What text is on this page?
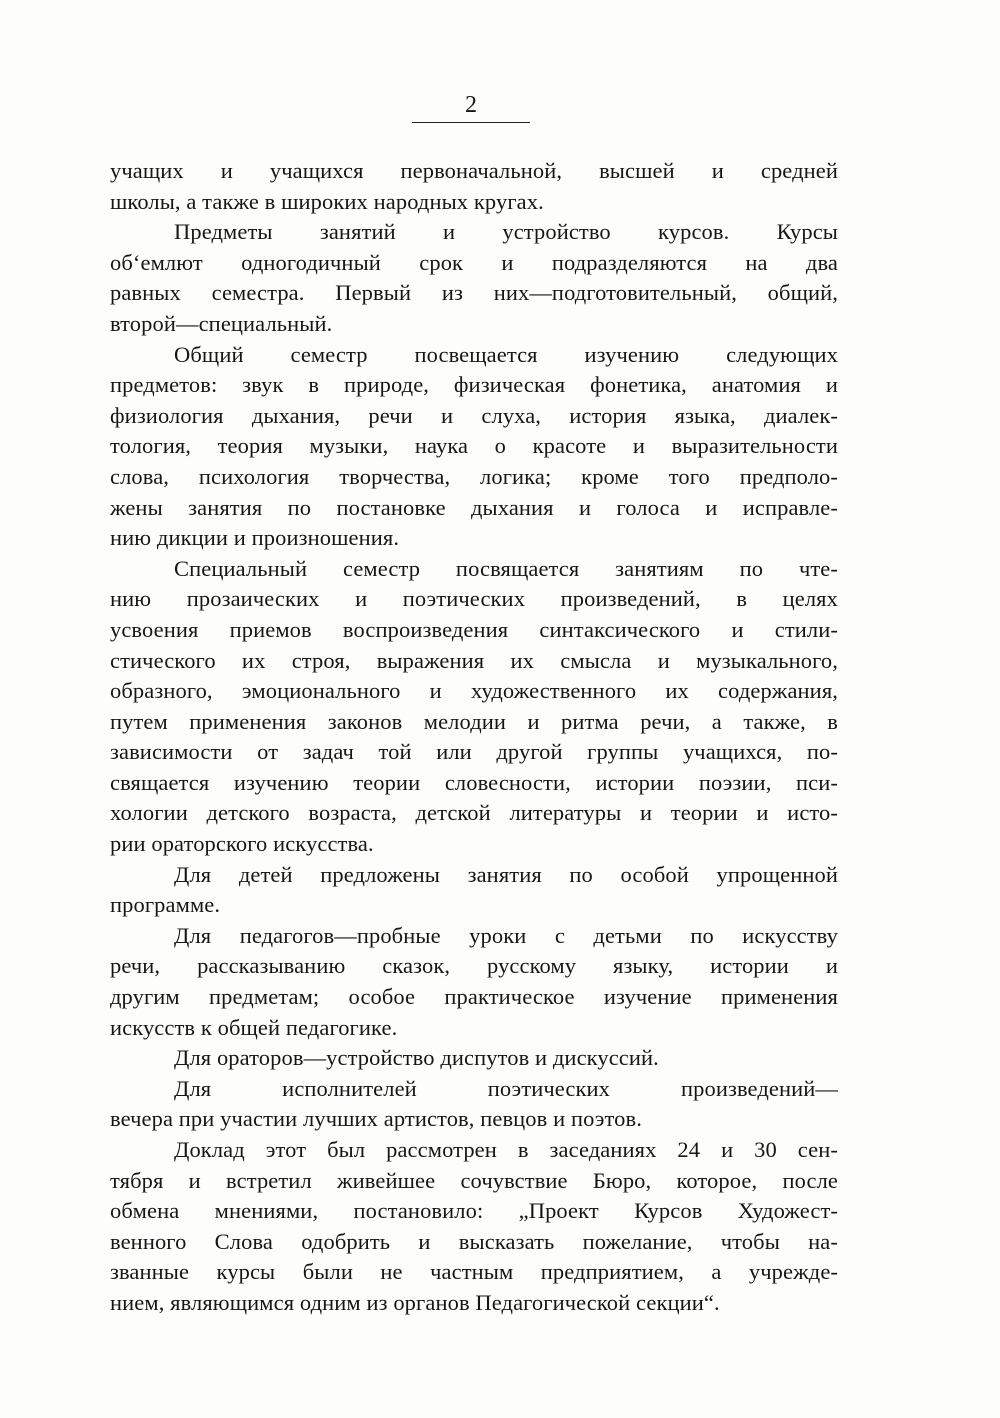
2
учащих и учащихся первоначальной, высшей и средней
школы, а также в широких народных кругах.
Предметы занятий и устройство курсов. Курсы
об‘емлют одногодичный срок и подразделяются на два
равных семестра. Первый из них—подготовительный, общий,
второй—специальный.
Общий семестр посвещается изучению следующих
предметов: звук в природе, физическая фонетика, анатомия и
физиология дыхания, речи и слуха, история языка, диалек-
тология, теория музыки, наука о красоте и выразительности
слова, психология творчества, логика; кроме того предполо-
жены занятия по постановке дыхания и голоса и исправле-
нию дикции и произношения.
Специальный семестр посвящается занятиям по чте-
нию прозаических и поэтических произведений, в целях
усвоения приемов воспроизведения синтаксического и стили-
стического их строя, выражения их смысла и музыкального,
образного, эмоционального и художественного их содержания,
путем применения законов мелодии и ритма речи, а также, в
зависимости от задач той или другой группы учащихся, по-
свящается изучению теории словесности, истории поэзии, пси-
хологии детского возраста, детской литературы и теории и исто-
рии ораторского искусства.
Для детей предложены занятия по особой упрощенной
программе.
Для педагогов—пробные уроки с детьми по искусству
речи, рассказыванию сказок, русскому языку, истории и
другим предметам; особое практическое изучение применения
искусств к общей педагогике.
Для ораторов—устройство диспутов и дискуссий.
Для исполнителей поэтических произведений—
вечера при участии лучших артистов, певцов и поэтов.
Доклад этот был рассмотрен в заседаниях 24 и 30 сен-
тября и встретил живейшее сочувствие Бюро, которое, после
обмена мнениями, постановило: „Проект Курсов Художест-
венного Слова одобрить и высказать пожелание, чтобы на-
званные курсы были не частным предприятием, а учрежде-
нием, являющимся одним из органов Педагогической секции“.
